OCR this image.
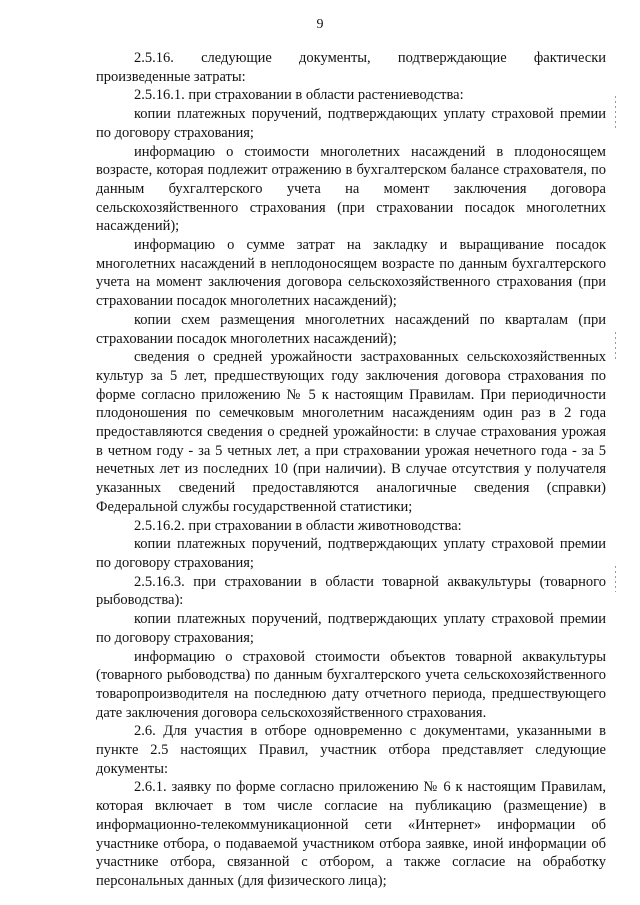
9

2.5.16. следующие документы, подтверждающие фактически произведенные затраты:

2.5.16.1. при страховании в области растениеводства:

копии платежных поручений, подтверждающих уплату страховой премии по договору страхования;

информацию о стоимости многолетних насаждений в плодоносящем возрасте, которая подлежит отражению в бухгалтерском балансе страхователя, по данным бухгалтерского учета на момент заключения договора сельскохозяйственного страхования (при страховании посадок многолетних насаждений);

информацию о сумме затрат на закладку и выращивание посадок многолетних насаждений в неплодоносящем возрасте по данным бухгалтерского учета на момент заключения договора сельскохозяйственного страхования (при страховании посадок многолетних насаждений);

копии схем размещения многолетних насаждений по кварталам (при страховании посадок многолетних насаждений);

сведения о средней урожайности застрахованных сельскохозяйственных культур за 5 лет, предшествующих году заключения договора страхования по форме согласно приложению № 5 к настоящим Правилам. При периодичности плодоношения по семечковым многолетним насаждениям один раз в 2 года предоставляются сведения о средней урожайности: в случае страхования урожая в четном году - за 5 четных лет, а при страховании урожая нечетного года - за 5 нечетных лет из последних 10 (при наличии). В случае отсутствия у получателя указанных сведений предоставляются аналогичные сведения (справки) Федеральной службы государственной статистики;

2.5.16.2. при страховании в области животноводства:

копии платежных поручений, подтверждающих уплату страховой премии по договору страхования;

2.5.16.3. при страховании в области товарной аквакультуры (товарного рыбоводства):

копии платежных поручений, подтверждающих уплату страховой премии по договору страхования;

информацию о страховой стоимости объектов товарной аквакультуры (товарного рыбоводства) по данным бухгалтерского учета сельскохозяйственного товаропроизводителя на последнюю дату отчетного периода, предшествующего дате заключения договора сельскохозяйственного страхования.

2.6. Для участия в отборе одновременно с документами, указанными в пункте 2.5 настоящих Правил, участник отбора представляет следующие документы:

2.6.1. заявку по форме согласно приложению № 6 к настоящим Правилам, которая включает в том числе согласие на публикацию (размещение) в информационно-телекоммуникационной сети «Интернет» информации об участнике отбора, о подаваемой участником отбора заявке, иной информации об участнике отбора, связанной с отбором, а также согласие на обработку персональных данных (для физического лица);
